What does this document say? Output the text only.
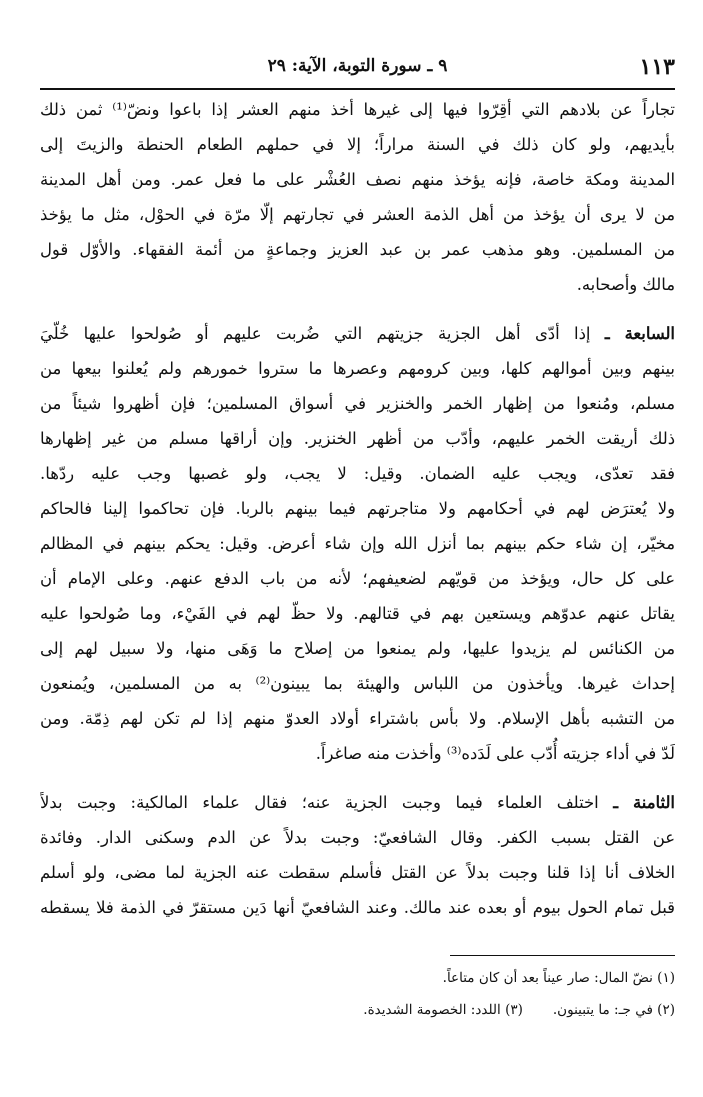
١١٣
٩ ـ سورة التوبة، الآية: ٢٩
تجاراً عن بلادهم التي أقِرّوا فيها إلى غيرها أخذ منهم العشر إذا باعوا ونضّ⁽¹⁾ ثمن ذلك
بأيديهم، ولو كان ذلك في السنة مراراً؛ إلا في حملهم الطعام الحنطة والزيتَ إلى
المدينة ومكة خاصة، فإنه يؤخذ منهم نصف العُشْر على ما فعل عمر. ومن أهل المدينة
من لا يرى أن يؤخذ من أهل الذمة العشر في تجارتهم إلّا مرّة في الحوْل، مثل ما يؤخذ
من المسلمين. وهو مذهب عمر بن عبد العزيز وجماعةٍ من أئمة الفقهاء. والأوّل قول
مالك وأصحابه.
السابعة ـ إذا أدّى أهل الجزية جزيتهم التي ضُربت عليهم أو صُولحوا عليها خُلّيَ
بينهم وبين أموالهم كلها، وبين كرومهم وعصرها ما ستروا خمورهم ولم يُعلنوا بيعها من
مسلم، ومُنعوا من إظهار الخمر والخنزير في أسواق المسلمين؛ فإن أظهروا شيئاً من
ذلك أريقت الخمر عليهم، وأدّب من أظهر الخنزير. وإن أراقها مسلم من غير إظهارها
فقد تعدّى، ويجب عليه الضمان. وقيل: لا يجب، ولو غصبها وجب عليه ردّها.
ولا يُعترَض لهم في أحكامهم ولا متاجرتهم فيما بينهم بالربا. فإن تحاكموا إلينا فالحاكم
مخيّر، إن شاء حكم بينهم بما أنزل الله وإن شاء أعرض. وقيل: يحكم بينهم في المظالم
على كل حال، ويؤخذ من قويّهم لضعيفهم؛ لأنه من باب الدفع عنهم. وعلى الإمام أن
يقاتل عنهم عدوّهم ويستعين بهم في قتالهم. ولا حظّ لهم في الفَيْء، وما صُولحوا عليه
من الكنائس لم يزيدوا عليها، ولم يمنعوا من إصلاح ما وَهَى منها، ولا سبيل لهم إلى
إحداث غيرها. ويأخذون من اللباس والهيئة بما يبينون⁽²⁾ به من المسلمين، ويُمنعون
من التشبه بأهل الإسلام. ولا بأس باشتراء أولاد العدوّ منهم إذا لم تكن لهم ذِمّة. ومن
لَدّ في أداء جزيته أُدّب على لَدَده⁽³⁾ وأخذت منه صاغراً.
الثامنة ـ اختلف العلماء فيما وجبت الجزية عنه؛ فقال علماء المالكية: وجبت بدلاً
عن القتل بسبب الكفر. وقال الشافعيّ: وجبت بدلاً عن الدم وسكنى الدار. وفائدة
الخلاف أنا إذا قلنا وجبت بدلاً عن القتل فأسلم سقطت عنه الجزية لما مضى، ولو أسلم
قبل تمام الحول بيوم أو بعده عند مالك. وعند الشافعيّ أنها دَين مستقرّ في الذمة فلا يسقطه
(١) نضّ المال: صار عيناً بعد أن كان متاعاً.
(٢) في جـ: ما يتبينون.(٣) اللدد: الخصومة الشديدة.
